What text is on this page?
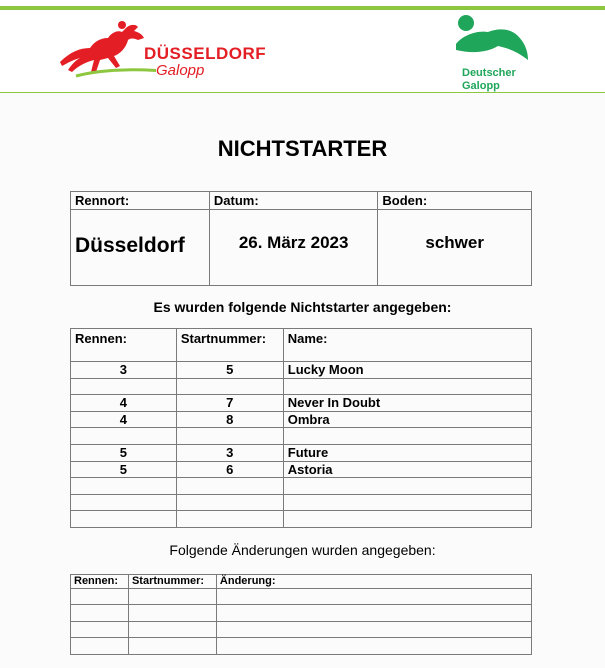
DÜSSELDORF
Galopp	Deutscher
Galopp
NICHTSTARTER
Rennort:	Datum:	Boden:
Düsseldorf	26. März 2023	schwer
Es wurden folgende Nichtstarter angegeben:
Rennen:	Startnummer:	Name:
3	5	Lucky Moon

4	7	Never In Doubt
4	8	Ombra

5	3	Future
5	6	Astoria

Folgende Änderungen wurden angegeben:
Rennen:	Startnummer:	Änderung:
